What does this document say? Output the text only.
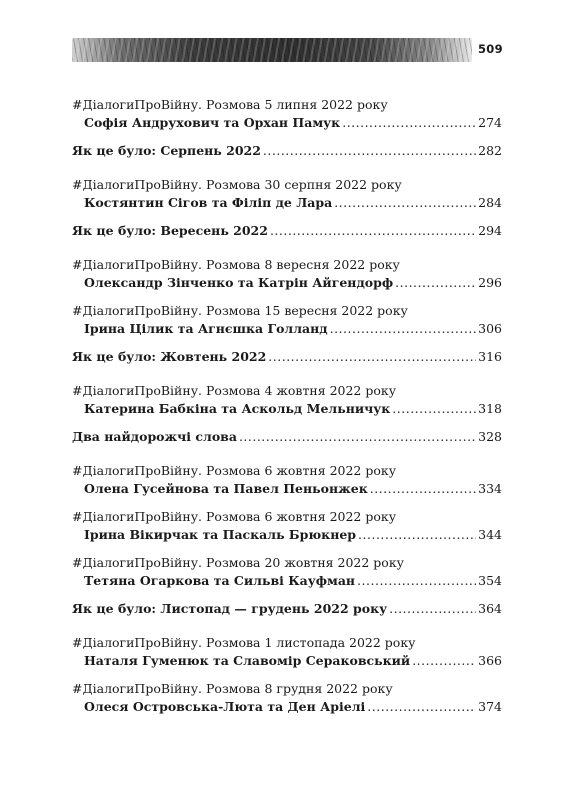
509
#ДіалогиПроВійну. Розмова 5 липня 2022 року
Софія Андрухович та Орхан Памук .....	274
Як це було: Серпень 2022 .....	282
#ДіалогиПроВійну. Розмова 30 серпня 2022 року
Костянтин Сігов та Філіп де Лара .....	284
Як це було: Вересень 2022 .....	294
#ДіалогиПроВійну. Розмова 8 вересня 2022 року
Олександр Зінченко та Катрін Айгендорф .....	296
#ДіалогиПроВійну. Розмова 15 вересня 2022 року
Ірина Цілик та Агнєшка Голланд .....	306
Як це було: Жовтень 2022 .....	316
#ДіалогиПроВійну. Розмова 4 жовтня 2022 року
Катерина Бабкіна та Аскольд Мельничук .....	318
Два найдорожчі слова .....	328
#ДіалогиПроВійну. Розмова 6 жовтня 2022 року
Олена Гусейнова та Павел Пеньонжек .....	334
#ДіалогиПроВійну. Розмова 6 жовтня 2022 року
Ірина Вікирчак та Паскаль Брюкнер .....	344
#ДіалогиПроВійну. Розмова 20 жовтня 2022 року
Тетяна Огаркова та Сильві Кауфман .....	354
Як це було: Листопад — грудень 2022 року .....	364
#ДіалогиПроВійну. Розмова 1 листопада 2022 року
Наталя Гуменюк та Славомір Сераковський .....	366
#ДіалогиПроВійну. Розмова 8 грудня 2022 року
Олеся Островська-Люта та Ден Аріелі .....	374
